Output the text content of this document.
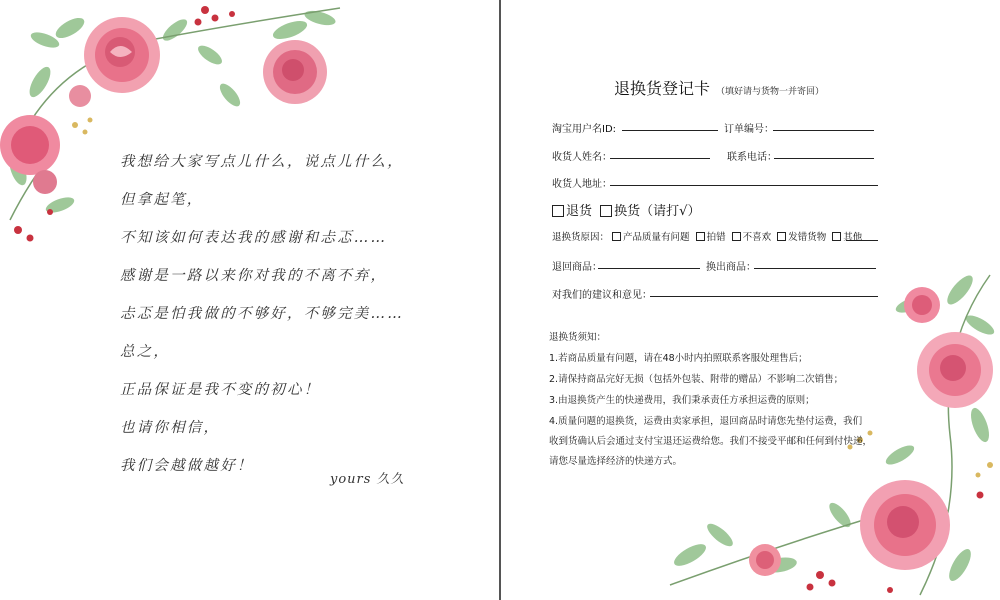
我想给大家写点儿什么，说点儿什么，
但拿起笔，
不知该如何表达我的感谢和忐忑……
感谢是一路以来你对我的不离不弃，
忐忑是怕我做的不够好，不够完美……
总之，
正品保证是我不变的初心！
也请你相信，
我们会越做越好！
yours 久久
退换货登记卡 （填好请与货物一并寄回）
淘宝用户名ID:	订单编号：
收货人姓名：	联系电话：
收货人地址：
退货 换货（请打√）
退换货原因： 产品质量有问题 拍错 不喜欢 发错货物 其他
退回商品：	换出商品：
对我们的建议和意见：
退换货须知：
1.若商品质量有问题，请在48小时内拍照联系客服处理售后；
2.请保持商品完好无损（包括外包装、附带的赠品）不影响二次销售；
3.由退换货产生的快递费用，我们秉承责任方承担运费的原则；
4.质量问题的退换货，运费由卖家承担，退回商品时请您先垫付运费，我们
收到货确认后会通过支付宝退还运费给您。我们不接受平邮和任何到付快递，
请您尽量选择经济的快递方式。
